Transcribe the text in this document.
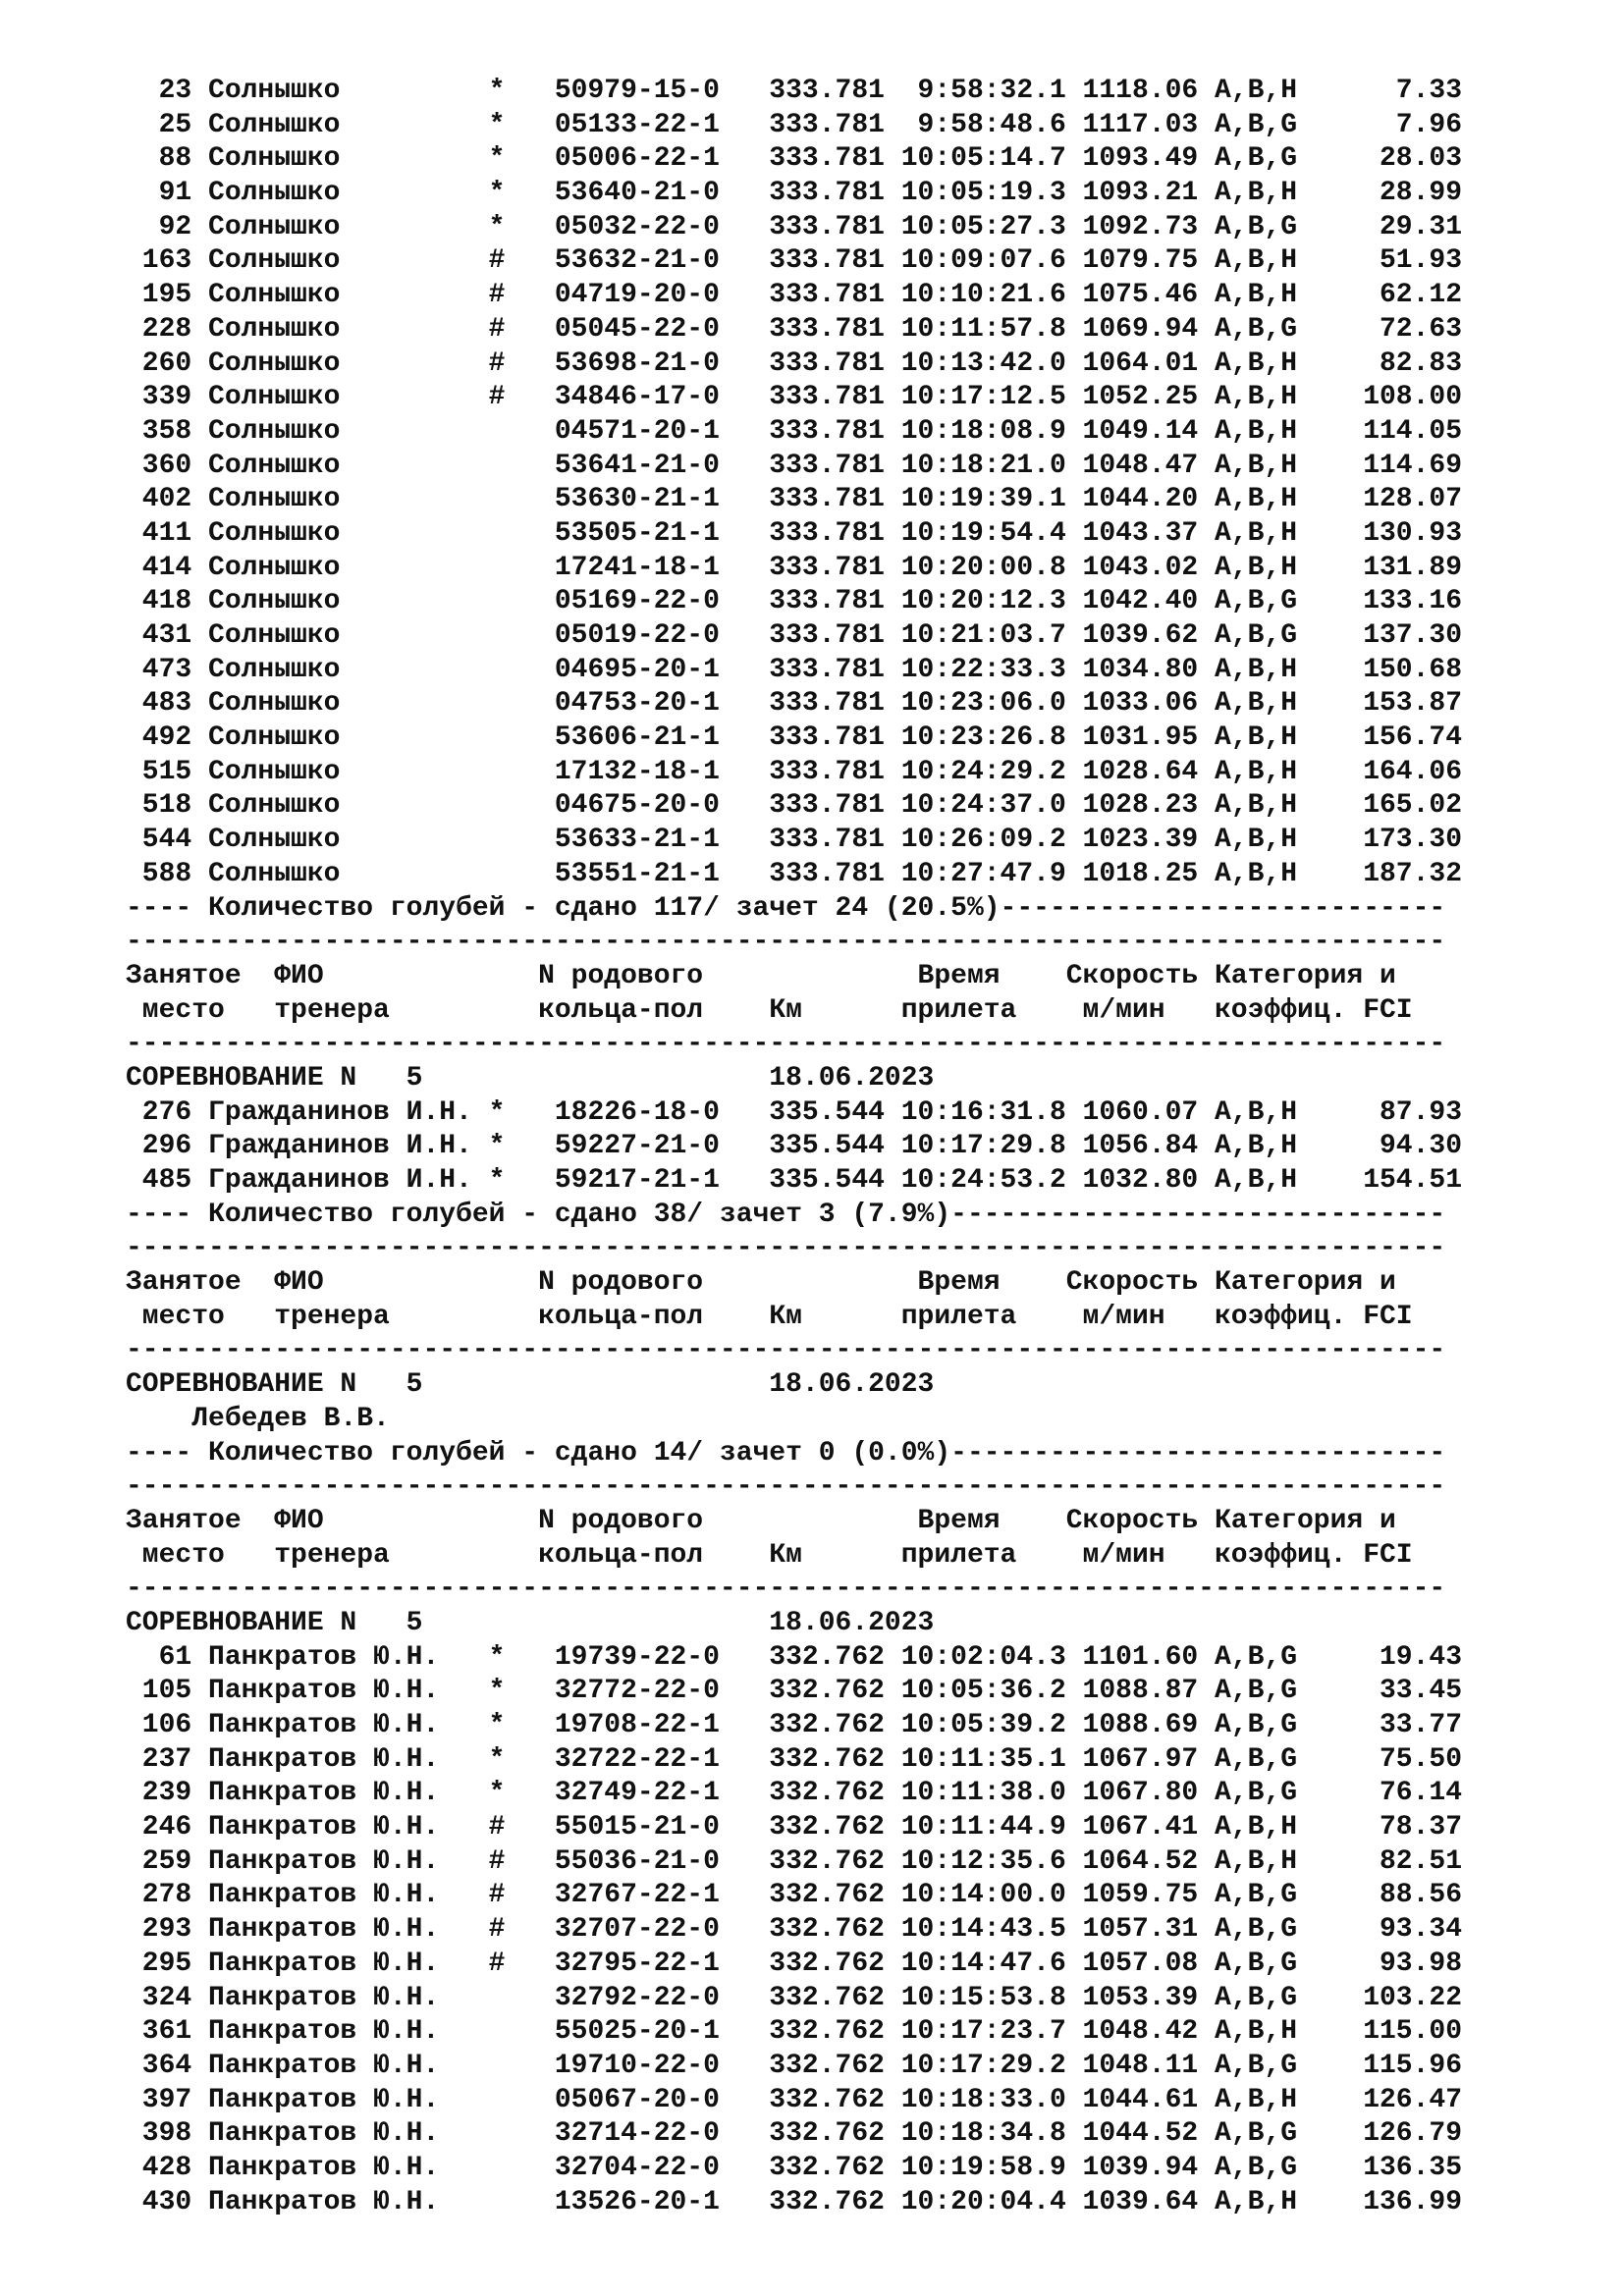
23 Солнышко         *   50979-15-0   333.781  9:58:32.1 1118.06 A,B,H      7.33
25 Солнышко         *   05133-22-1   333.781  9:58:48.6 1117.03 A,B,G      7.96
88 Солнышко         *   05006-22-1   333.781 10:05:14.7 1093.49 A,B,G     28.03
91 Солнышко         *   53640-21-0   333.781 10:05:19.3 1093.21 A,B,H     28.99
92 Солнышко         *   05032-22-0   333.781 10:05:27.3 1092.73 A,B,G     29.31
163 Солнышко         #   53632-21-0   333.781 10:09:07.6 1079.75 A,B,H     51.93
195 Солнышко         #   04719-20-0   333.781 10:10:21.6 1075.46 A,B,H     62.12
228 Солнышко         #   05045-22-0   333.781 10:11:57.8 1069.94 A,B,G     72.63
260 Солнышко         #   53698-21-0   333.781 10:13:42.0 1064.01 A,B,H     82.83
339 Солнышко         #   34846-17-0   333.781 10:17:12.5 1052.25 A,B,H    108.00
358 Солнышко             04571-20-1   333.781 10:18:08.9 1049.14 A,B,H    114.05
360 Солнышко             53641-21-0   333.781 10:18:21.0 1048.47 A,B,H    114.69
402 Солнышко             53630-21-1   333.781 10:19:39.1 1044.20 A,B,H    128.07
411 Солнышко             53505-21-1   333.781 10:19:54.4 1043.37 A,B,H    130.93
414 Солнышко             17241-18-1   333.781 10:20:00.8 1043.02 A,B,H    131.89
418 Солнышко             05169-22-0   333.781 10:20:12.3 1042.40 A,B,G    133.16
431 Солнышко             05019-22-0   333.781 10:21:03.7 1039.62 A,B,G    137.30
473 Солнышко             04695-20-1   333.781 10:22:33.3 1034.80 A,B,H    150.68
483 Солнышко             04753-20-1   333.781 10:23:06.0 1033.06 A,B,H    153.87
492 Солнышко             53606-21-1   333.781 10:23:26.8 1031.95 A,B,H    156.74
515 Солнышко             17132-18-1   333.781 10:24:29.2 1028.64 A,B,H    164.06
518 Солнышко             04675-20-0   333.781 10:24:37.0 1028.23 A,B,H    165.02
544 Солнышко             53633-21-1   333.781 10:26:09.2 1023.39 A,B,H    173.30
588 Солнышко             53551-21-1   333.781 10:27:47.9 1018.25 A,B,H    187.32
---- Количество голубей - сдано 117/ зачет 24 (20.5%)---------------------------
--------------------------------------------------------------------------------
Занятое  ФИО             N родового             Время    Скорость Категория и
место   тренера         кольца-пол    Км      прилета    м/мин   коэффиц. FCI
--------------------------------------------------------------------------------
СОРЕВНОВАНИЕ N   5                     18.06.2023
276 Гражданинов И.Н. *   18226-18-0   335.544 10:16:31.8 1060.07 A,B,H     87.93
296 Гражданинов И.Н. *   59227-21-0   335.544 10:17:29.8 1056.84 A,B,H     94.30
485 Гражданинов И.Н. *   59217-21-1   335.544 10:24:53.2 1032.80 A,B,H    154.51
---- Количество голубей - сдано 38/ зачет 3 (7.9%)------------------------------
--------------------------------------------------------------------------------
Занятое  ФИО             N родового             Время    Скорость Категория и
место   тренера         кольца-пол    Км      прилета    м/мин   коэффиц. FCI
--------------------------------------------------------------------------------
СОРЕВНОВАНИЕ N   5                     18.06.2023
Лебедев В.В.
---- Количество голубей - сдано 14/ зачет 0 (0.0%)------------------------------
--------------------------------------------------------------------------------
Занятое  ФИО             N родового             Время    Скорость Категория и
место   тренера         кольца-пол    Км      прилета    м/мин   коэффиц. FCI
--------------------------------------------------------------------------------
СОРЕВНОВАНИЕ N   5                     18.06.2023
61 Панкратов Ю.Н.   *   19739-22-0   332.762 10:02:04.3 1101.60 A,B,G     19.43
105 Панкратов Ю.Н.   *   32772-22-0   332.762 10:05:36.2 1088.87 A,B,G     33.45
106 Панкратов Ю.Н.   *   19708-22-1   332.762 10:05:39.2 1088.69 A,B,G     33.77
237 Панкратов Ю.Н.   *   32722-22-1   332.762 10:11:35.1 1067.97 A,B,G     75.50
239 Панкратов Ю.Н.   *   32749-22-1   332.762 10:11:38.0 1067.80 A,B,G     76.14
246 Панкратов Ю.Н.   #   55015-21-0   332.762 10:11:44.9 1067.41 A,B,H     78.37
259 Панкратов Ю.Н.   #   55036-21-0   332.762 10:12:35.6 1064.52 A,B,H     82.51
278 Панкратов Ю.Н.   #   32767-22-1   332.762 10:14:00.0 1059.75 A,B,G     88.56
293 Панкратов Ю.Н.   #   32707-22-0   332.762 10:14:43.5 1057.31 A,B,G     93.34
295 Панкратов Ю.Н.   #   32795-22-1   332.762 10:14:47.6 1057.08 A,B,G     93.98
324 Панкратов Ю.Н.       32792-22-0   332.762 10:15:53.8 1053.39 A,B,G    103.22
361 Панкратов Ю.Н.       55025-20-1   332.762 10:17:23.7 1048.42 A,B,H    115.00
364 Панкратов Ю.Н.       19710-22-0   332.762 10:17:29.2 1048.11 A,B,G    115.96
397 Панкратов Ю.Н.       05067-20-0   332.762 10:18:33.0 1044.61 A,B,H    126.47
398 Панкратов Ю.Н.       32714-22-0   332.762 10:18:34.8 1044.52 A,B,G    126.79
428 Панкратов Ю.Н.       32704-22-0   332.762 10:19:58.9 1039.94 A,B,G    136.35
430 Панкратов Ю.Н.       13526-20-1   332.762 10:20:04.4 1039.64 A,B,H    136.99
